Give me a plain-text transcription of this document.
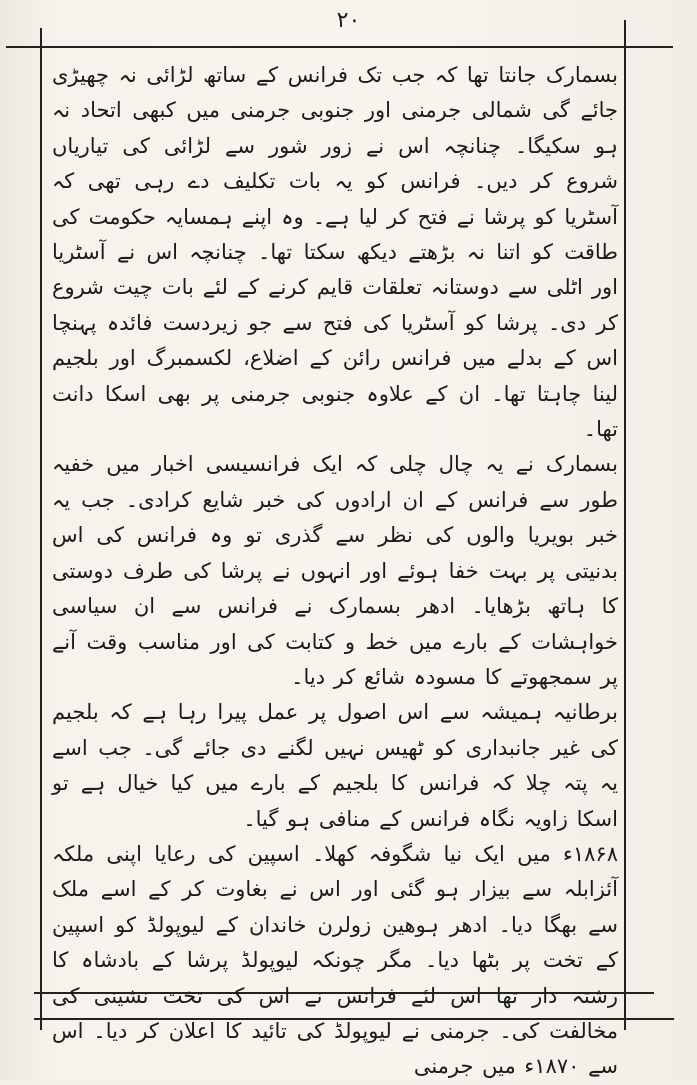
۲۰

بسمارک جانتا تھا کہ جب تک فرانس کے ساتھ لڑائی نہ چھیڑی جائے گی شمالی جرمنی اور جنوبی جرمنی میں کبھی اتحاد نہ ہو سکیگا۔ چنانچہ اس نے زور شور سے لڑائی کی تیاریاں شروع کر دیں۔ فرانس کو یہ بات تکلیف دے رہی تھی کہ آسٹریا کو پرشا نے فتح کر لیا ہے۔ وہ اپنے ہمسایہ حکومت کی طاقت کو اتنا نہ بڑھتے دیکھ سکتا تھا۔ چنانچہ اس نے آسٹریا اور اٹلی سے دوستانہ تعلقات قایم کرنے کے لئے بات چیت شروع کر دی۔ پرشا کو آسٹریا کی فتح سے جو زیردست فائدہ پہنچا اس کے بدلے میں فرانس رائن کے اضلاع، لکسمبرگ اور بلجیم لینا چاہتا تھا۔ ان کے علاوہ جنوبی جرمنی پر بھی اسکا دانت تھا۔

بسمارک نے یہ چال چلی کہ ایک فرانسیسی اخبار میں خفیہ طور سے فرانس کے ان ارادوں کی خبر شایع کرادی۔ جب یہ خبر بویریا والوں کی نظر سے گذری تو وہ فرانس کی اس بدنیتی پر بہت خفا ہوئے اور انہوں نے پرشا کی طرف دوستی کا ہاتھ بڑھایا۔ ادھر بسمارک نے فرانس سے ان سیاسی خواہشات کے بارے میں خط و کتابت کی اور مناسب وقت آنے پر سمجھوتے کا مسودہ شائع کر دیا۔

برطانیہ ہمیشہ سے اس اصول پر عمل پیرا رہا ہے کہ بلجیم کی غیر جانبداری کو ٹھیس نہیں لگنے دی جائے گی۔ جب اسے یہ پتہ چلا کہ فرانس کا بلجیم کے بارے میں کیا خیال ہے تو اسکا زاویہ نگاہ فرانس کے منافی ہو گیا۔

۱۸۶۸ء میں ایک نیا شگوفہ کھلا۔ اسپین کی رعایا اپنی ملکہ آئزابلہ سے بیزار ہو گئی اور اس نے بغاوت کر کے اسے ملک سے بھگا دیا۔ ادھر ہوھین زولرن خاندان کے لیوپولڈ کو اسپین کے تخت پر بٹھا دیا۔ مگر چونکہ لیوپولڈ پرشا کے بادشاہ کا رشتہ دار تھا اس لئے فرانس نے اس کی تخت نشینی کی مخالفت کی۔ جرمنی نے لیوپولڈ کی تائید کا اعلان کر دیا۔ اس سے ۱۸۷۰ء میں جرمنی
